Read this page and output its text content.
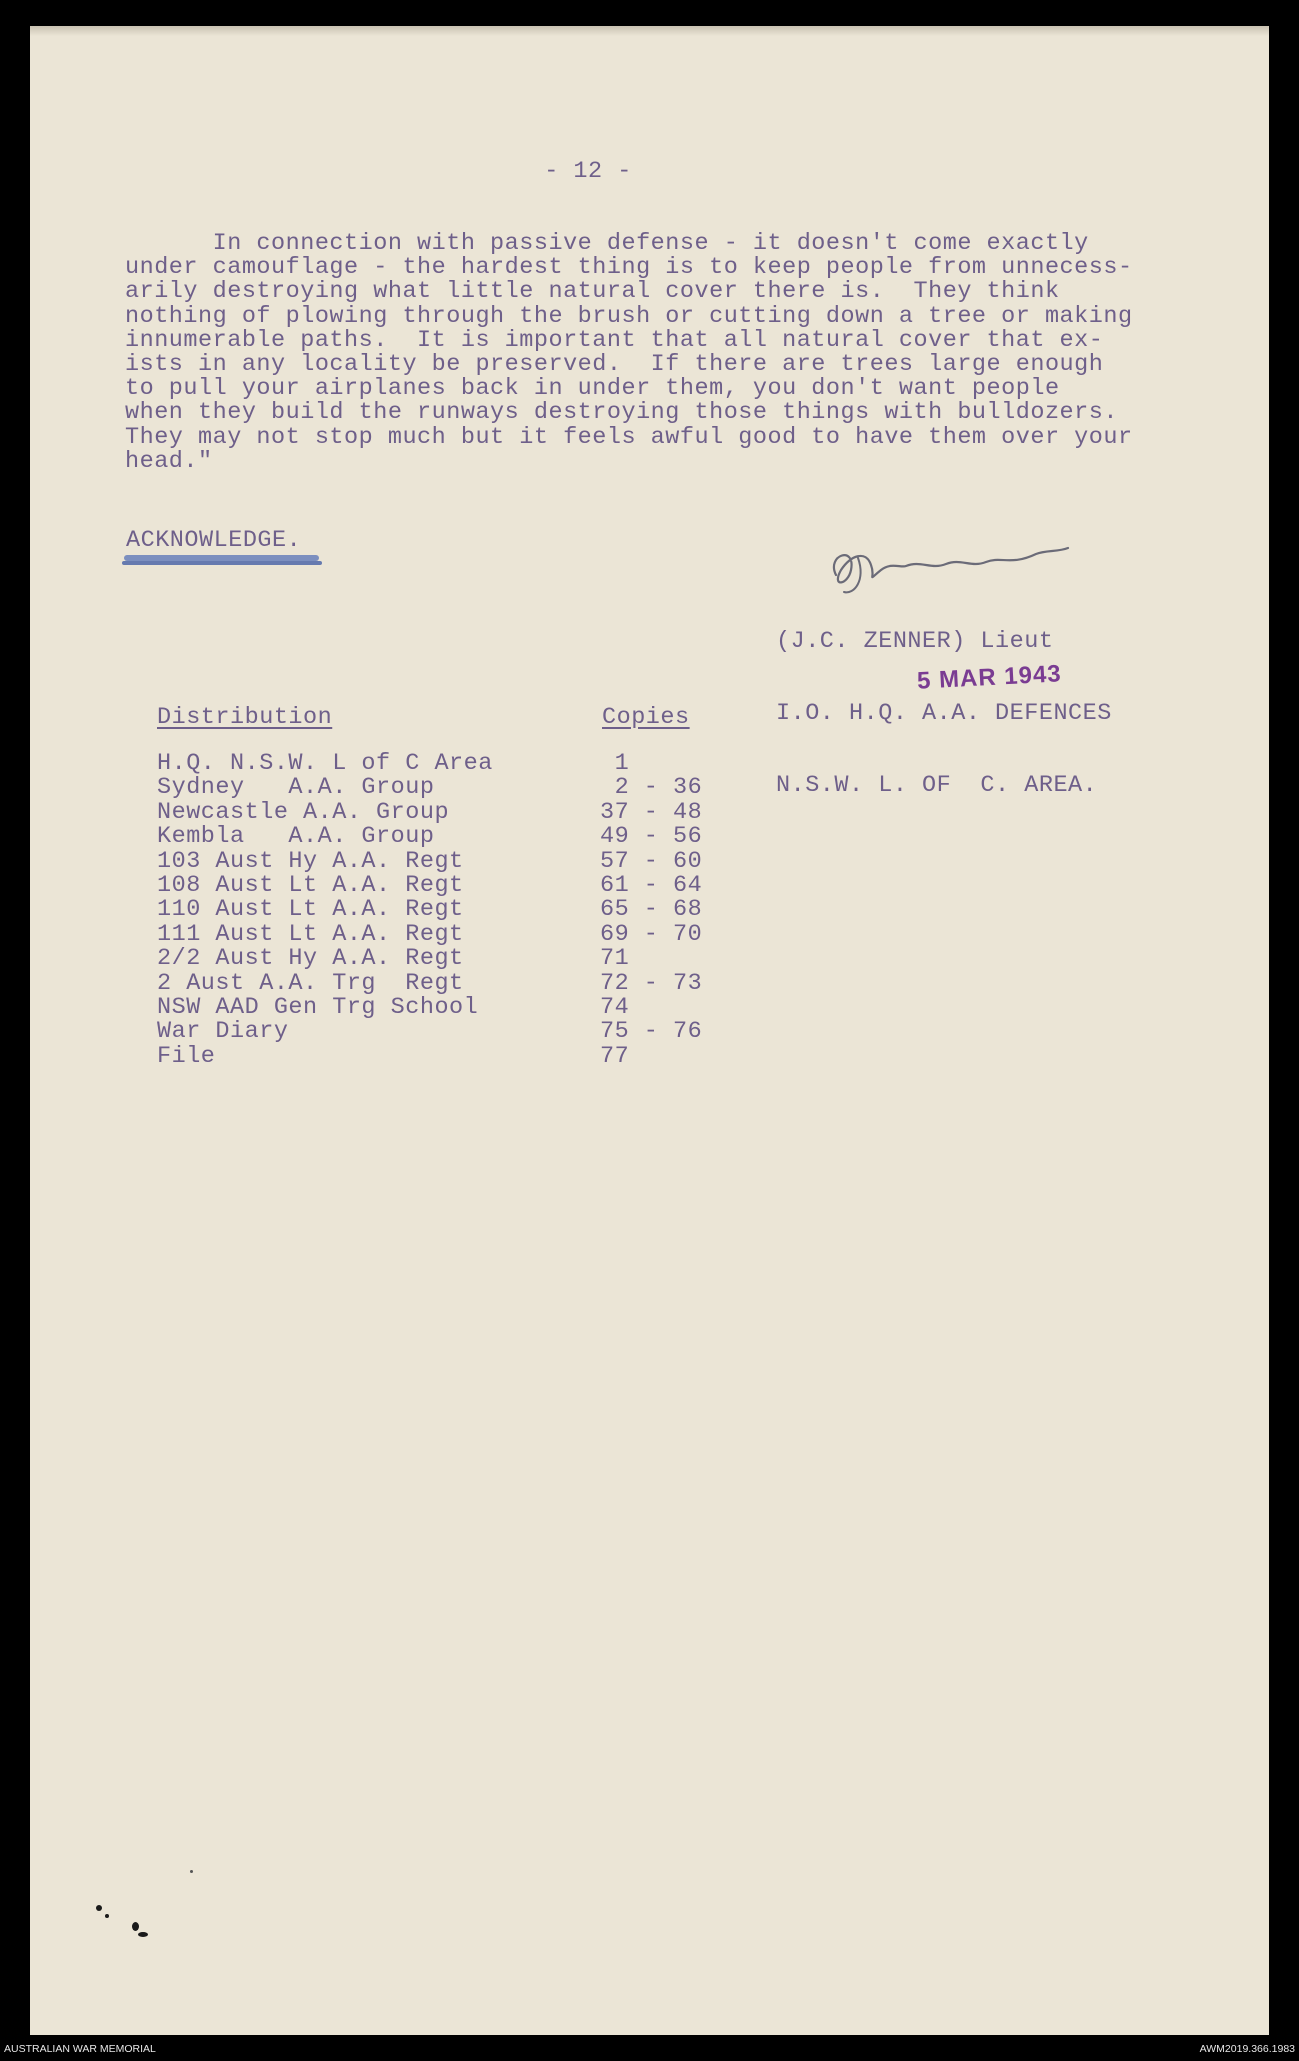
- 12 -
In connection with passive defense - it doesn't come exactly
under camouflage - the hardest thing is to keep people from unnecess-
arily destroying what little natural cover there is.  They think
nothing of plowing through the brush or cutting down a tree or making
innumerable paths.  It is important that all natural cover that ex-
ists in any locality be preserved.  If there are trees large enough
to pull your airplanes back in under them, you don't want people
when they build the runways destroying those things with bulldozers.
They may not stop much but it feels awful good to have them over your
head."
ACKNOWLEDGE.

(J.C. ZENNER) Lieut

I.O. H.Q. A.A. DEFENCES

N.S.W. L. OF  C. AREA.

5 MAR 1943
Distribution	Copies
H.Q. N.S.W. L of C Area	1
Sydney   A.A. Group	2 - 36
Newcastle A.A. Group	37 - 48
Kembla   A.A. Group	49 - 56
103 Aust Hy A.A. Regt	57 - 60
108 Aust Lt A.A. Regt	61 - 64
110 Aust Lt A.A. Regt	65 - 68
111 Aust Lt A.A. Regt	69 - 70
2/2 Aust Hy A.A. Regt	71
2 Aust A.A. Trg  Regt	72 - 73
NSW AAD Gen Trg School	74
War Diary	75 - 76
File	77
AUSTRALIAN WAR MEMORIAL	AWM2019.366.1983
